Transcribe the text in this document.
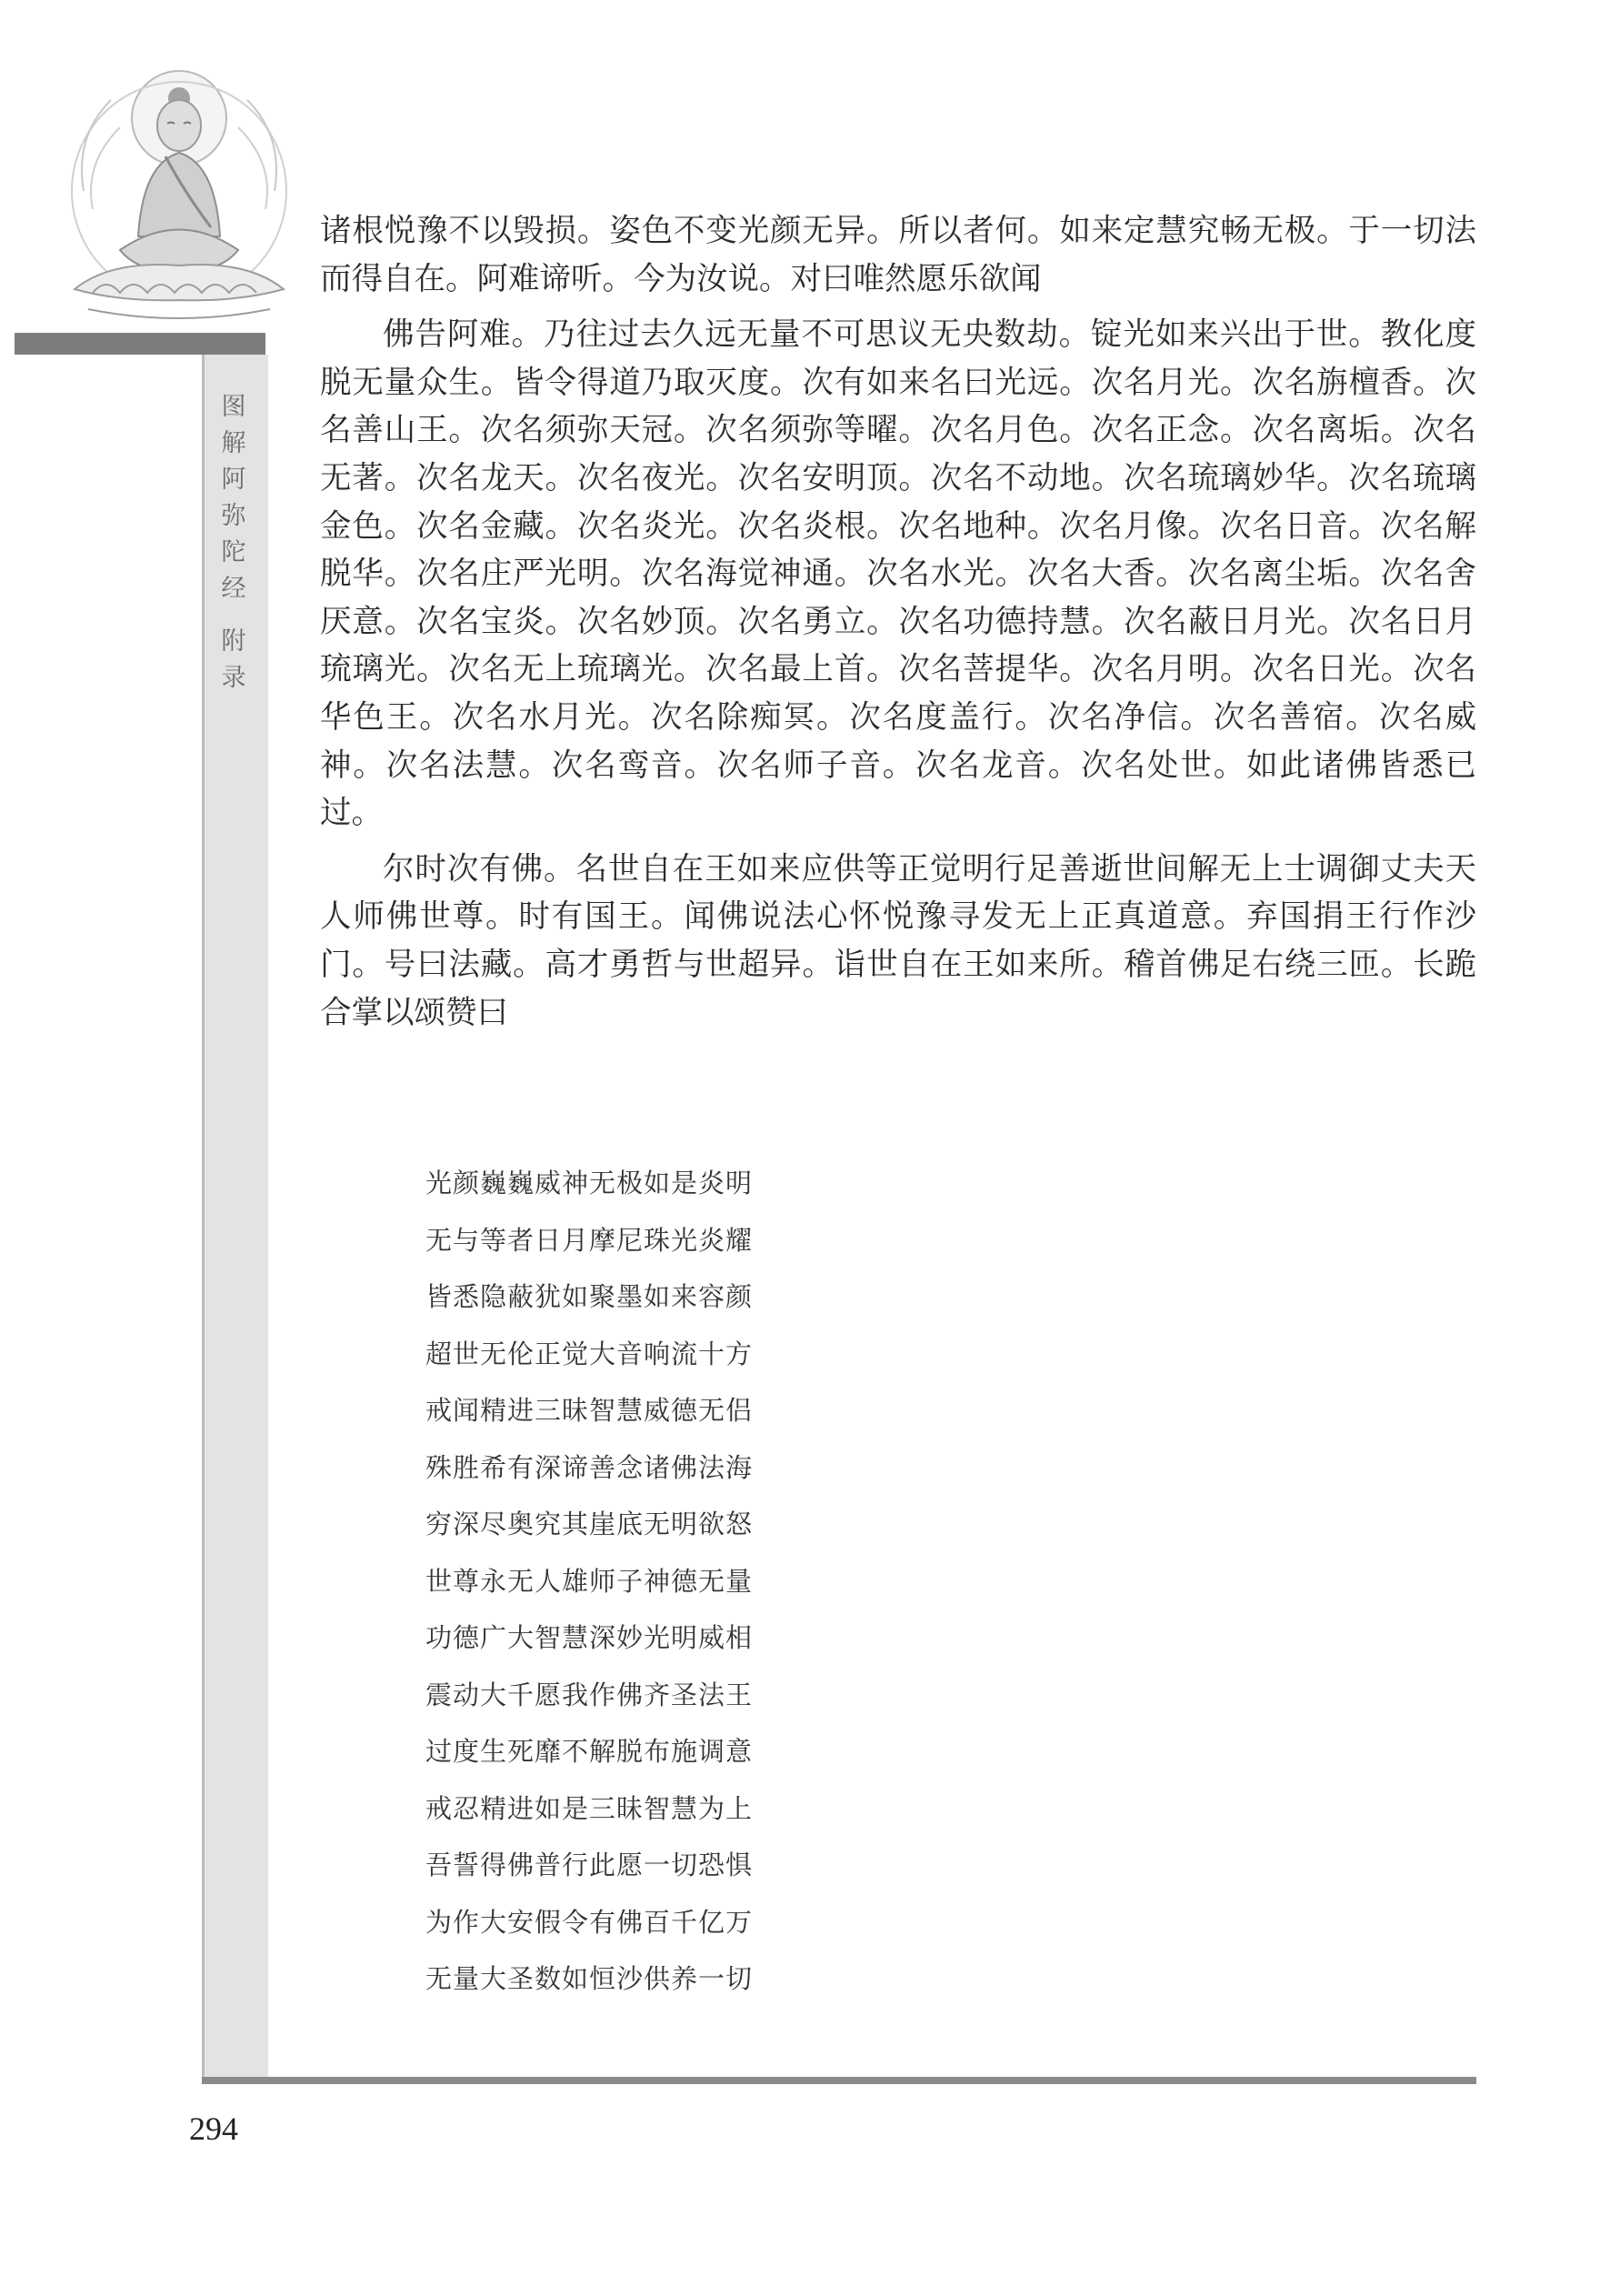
图
解
阿
弥
陀
经
附
录

诸根悦豫不以毁损。姿色不变光颜无异。所以者何。如来定慧究畅无极。于一切法而得自在。阿难谛听。今为汝说。对曰唯然愿乐欲闻

佛告阿难。乃往过去久远无量不可思议无央数劫。锭光如来兴出于世。教化度脱无量众生。皆令得道乃取灭度。次有如来名曰光远。次名月光。次名旃檀香。次名善山王。次名须弥天冠。次名须弥等曜。次名月色。次名正念。次名离垢。次名无著。次名龙天。次名夜光。次名安明顶。次名不动地。次名琉璃妙华。次名琉璃金色。次名金藏。次名炎光。次名炎根。次名地种。次名月像。次名日音。次名解脱华。次名庄严光明。次名海觉神通。次名水光。次名大香。次名离尘垢。次名舍厌意。次名宝炎。次名妙顶。次名勇立。次名功德持慧。次名蔽日月光。次名日月琉璃光。次名无上琉璃光。次名最上首。次名菩提华。次名月明。次名日光。次名华色王。次名水月光。次名除痴冥。次名度盖行。次名净信。次名善宿。次名威神。次名法慧。次名鸾音。次名师子音。次名龙音。次名处世。如此诸佛皆悉已过。

尔时次有佛。名世自在王如来应供等正觉明行足善逝世间解无上士调御丈夫天人师佛世尊。时有国王。闻佛说法心怀悦豫寻发无上正真道意。弃国捐王行作沙门。号曰法藏。高才勇哲与世超异。诣世自在王如来所。稽首佛足右绕三匝。长跪合掌以颂赞曰

光颜巍巍威神无极如是炎明
无与等者日月摩尼珠光炎耀
皆悉隐蔽犹如聚墨如来容颜
超世无伦正觉大音响流十方
戒闻精进三昧智慧威德无侣
殊胜希有深谛善念诸佛法海
穷深尽奥究其崖底无明欲怒
世尊永无人雄师子神德无量
功德广大智慧深妙光明威相
震动大千愿我作佛齐圣法王
过度生死靡不解脱布施调意
戒忍精进如是三昧智慧为上
吾誓得佛普行此愿一切恐惧
为作大安假令有佛百千亿万
无量大圣数如恒沙供养一切
294
